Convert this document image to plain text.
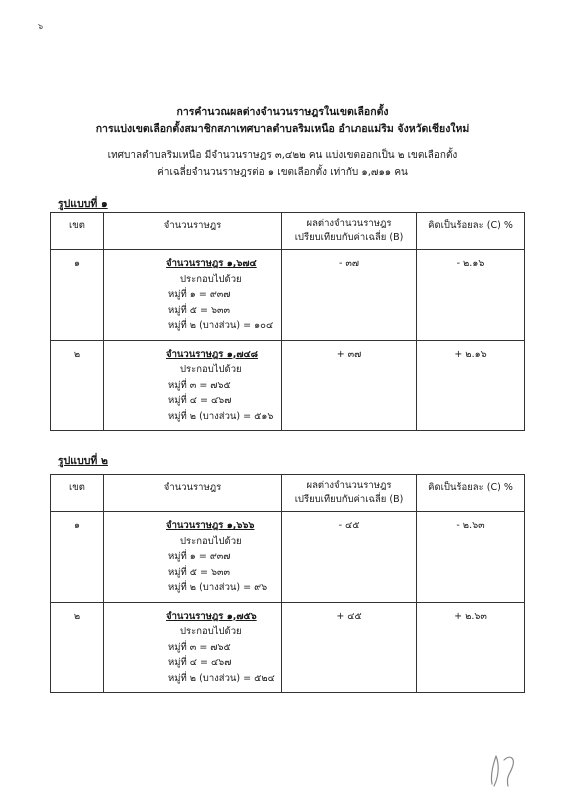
๖
การคำนวณผลต่างจำนวนราษฎรในเขตเลือกตั้ง
การแบ่งเขตเลือกตั้งสมาชิกสภาเทศบาลตำบลริมเหนือ อำเภอแม่ริม จังหวัดเชียงใหม่
เทศบาลตำบลริมเหนือ มีจำนวนราษฎร ๓,๔๒๒ คน แบ่งเขตออกเป็น ๒ เขตเลือกตั้ง
ค่าเฉลี่ยจำนวนราษฎรต่อ ๑ เขตเลือกตั้ง เท่ากับ ๑,๗๑๑ คน
รูปแบบที่ ๑
เขต	จำนวนราษฎร	ผลต่างจำนวนราษฎร
เปรียบเทียบกับค่าเฉลี่ย (B)	คิดเป็นร้อยละ (C) %
๑	จำนวนราษฎร ๑,๖๗๔
ประกอบไปด้วย
หมู่ที่ ๑ = ๙๓๗
หมู่ที่ ๕ = ๖๓๓
หมู่ที่ ๒ (บางส่วน) = ๑๐๔	- ๓๗	- ๒.๑๖
๒	จำนวนราษฎร ๑,๗๔๘
ประกอบไปด้วย
หมู่ที่ ๓ = ๗๖๕
หมู่ที่ ๔ = ๔๖๗
หมู่ที่ ๒ (บางส่วน) = ๕๑๖	+ ๓๗	+ ๒.๑๖
รูปแบบที่ ๒
เขต	จำนวนราษฎร	ผลต่างจำนวนราษฎร
เปรียบเทียบกับค่าเฉลี่ย (B)	คิดเป็นร้อยละ (C) %
๑	จำนวนราษฎร ๑,๖๖๖
ประกอบไปด้วย
หมู่ที่ ๑ = ๙๓๗
หมู่ที่ ๕ = ๖๓๓
หมู่ที่ ๒ (บางส่วน) = ๙๖	- ๔๕	- ๒.๖๓
๒	จำนวนราษฎร ๑,๗๕๖
ประกอบไปด้วย
หมู่ที่ ๓ = ๗๖๕
หมู่ที่ ๔ = ๔๖๗
หมู่ที่ ๒ (บางส่วน) = ๕๒๔	+ ๔๕	+ ๒.๖๓
